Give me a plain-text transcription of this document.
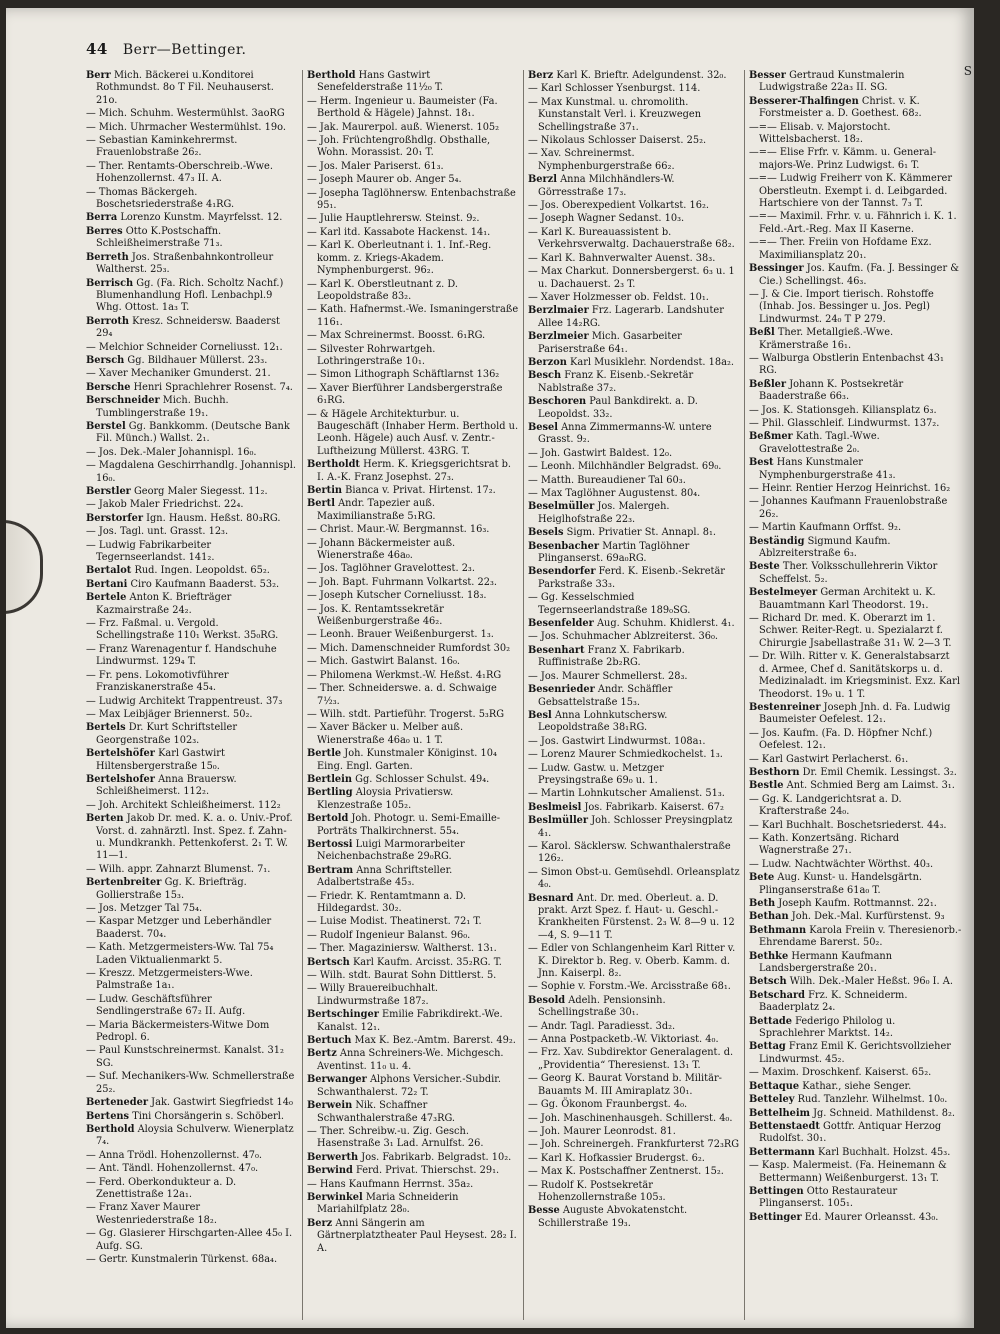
S
44 Berr—Bettinger.
Berr Mich. Bäckerei u.Konditorei Rothmundst. 8o T Fil. Neuhauserst. 21o.
— Mich. Schuhm. Westermühlst. 3aoRG
— Mich. Uhrmacher Westermühlst. 19o.
— Sebastian Kaminkehrermst. Frauenlobstraße 26₂.
— Ther. Rentamts-Oberschreib.-Wwe. Hohenzollernst. 47₃ II. A.
— Thomas Bäckergeh. Boschetsriederstraße 4₁RG.
Berra Lorenzo Kunstm. Mayrfelsst. 12.
Berres Otto K.Postschaffn. Schleißheimerstraße 71₃.
Berreth Jos. Straßenbahnkontrolleur Waltherst. 25₃.
Berrisch Gg. (Fa. Rich. Scholtz Nachf.) Blumenhandlung Hofl. Lenbachpl.9 Whg. Ottost. 1a₃ T.
Berroth Kresz. Schneidersw. Baaderst 29₄
— Melchior Schneider Corneliusst. 12₁.
Bersch Gg. Bildhauer Müllerst. 23₃.
— Xaver Mechaniker Gmunderst. 21.
Bersche Henri Sprachlehrer Rosenst. 7₄.
Berschneider Mich. Buchh. Tumblingerstraße 19₁.
Berstel Gg. Bankkomm. (Deutsche Bank Fil. Münch.) Wallst. 2₁.
— Jos. Dek.-Maler Johannispl. 16₀.
— Magdalena Geschirrhandlg. Johannispl. 16₀.
Berstler Georg Maler Siegesst. 11₂.
— Jakob Maler Friedrichst. 22₄.
Berstorfer Ign. Hausm. Heßst. 80₃RG.
— Jos. Tagl. unt. Grasst. 12₃.
— Ludwig Fabrikarbeiter Tegernseerlandst. 141₂.
Bertalot Rud. Ingen. Leopoldst. 65₂.
Bertani Ciro Kaufmann Baaderst. 53₂.
Bertele Anton K. Briefträger Kazmairstraße 24₂.
— Frz. Faßmal. u. Vergold. Schellingstraße 110₁ Werkst. 35₀RG.
— Franz Warenagentur f. Handschuhe Lindwurmst. 129₄ T.
— Fr. pens. Lokomotivführer Franziskanerstraße 45₄.
— Ludwig Architekt Trappentreust. 37₃
— Max Leibjäger Briennerst. 50₂.
Bertels Dr. Kurt Schriftsteller Georgenstraße 102₃.
Bertelshöfer Karl Gastwirt Hiltensbergerstraße 15₀.
Bertelshofer Anna Brauersw. Schleißheimerst. 112₂.
— Joh. Architekt Schleißheimerst. 112₂
Berten Jakob Dr. med. K. a. o. Univ.-Prof. Vorst. d. zahnärztl. Inst. Spez. f. Zahn- u. Mundkrankh. Pettenkoferst. 2₁ T. W. 11—1.
— Wilh. appr. Zahnarzt Blumenst. 7₁.
Bertenbreiter Gg. K. Briefträg. Gollierstraße 15₃.
— Jos. Metzger Tal 75₄.
— Kaspar Metzger und Leberhändler Baaderst. 70₄.
— Kath. Metzgermeisters-Ww. Tal 75₄ Laden Viktualienmarkt 5.
— Kreszz. Metzgermeisters-Wwe. Palmstraße 1a₁.
— Ludw. Geschäftsführer Sendlingerstraße 67₂ II. Aufg.
— Maria Bäckermeisters-Witwe Dom Pedropl. 6.
— Paul Kunstschreinermst. Kanalst. 31₂ SG.
— Suf. Mechanikers-Ww. Schmellerstraße 25₂.
Berteneder Jak. Gastwirt Siegfriedst 14₀
Bertens Tini Chorsängerin s. Schöberl.
Berthold Aloysia Schulverw. Wienerplatz 7₄.
— Anna Trödl. Hohenzollernst. 47₀.
— Ant. Tändl. Hohenzollernst. 47₀.
— Ferd. Oberkondukteur a. D. Zenettistraße 12a₁.
— Franz Xaver Maurer Westenriederstraße 18₂.
— Gg. Glasierer Hirschgarten-Allee 45₀ I. Aufg. SG.
— Gertr. Kunstmalerin Türkenst. 68a₄.
Berthold Hans Gastwirt Senefelderstraße 11½₀ T.
— Herm. Ingenieur u. Baumeister (Fa. Berthold & Hägele) Jahnst. 18₁.
— Jak. Maurerpol. auß. Wienerst. 105₂
— Joh. Früchtengroßhdlg. Obsthalle, Wohn. Morassist. 20₁ T.
— Jos. Maler Pariserst. 61₃.
— Joseph Maurer ob. Anger 5₄.
— Josepha Taglöhnersw. Entenbachstraße 95₁.
— Julie Hauptlehrersw. Steinst. 9₂.
— Karl itd. Kassabote Hackenst. 14₁.
— Karl K. Oberleutnant i. 1. Inf.-Reg. komm. z. Kriegs-Akadem. Nymphenburgerst. 96₂.
— Karl K. Oberstleutnant z. D. Leopoldstraße 83₂.
— Kath. Hafnermst.-We. Ismaningerstraße 116₁.
— Max Schreinermst. Boosst. 6₁RG.
— Silvester Rohrwartgeh. Lothringerstraße 10₁.
— Simon Lithograph Schäftlarnst 136₂
— Xaver Bierführer Landsbergerstraße 6₁RG.
— & Hägele Architekturbur. u. Baugeschäft (Inhaber Herm. Berthold u. Leonh. Hägele) auch Ausf. v. Zentr.-Luftheizung Müllerst. 43RG. T.
Bertholdt Herm. K. Kriegsgerichtsrat b. I. A.-K. Franz Josephst. 27₃.
Bertin Bianca v. Privat. Hirtenst. 17₂.
Bertl Andr. Tapezier auß. Maximilianstraße 5₁RG.
— Christ. Maur.-W. Bergmannst. 16₃.
— Johann Bäckermeister auß. Wienerstraße 46a₀.
— Jos. Taglöhner Gravelottest. 2₃.
— Joh. Bapt. Fuhrmann Volkartst. 22₃.
— Joseph Kutscher Corneliusst. 18₃.
— Jos. K. Rentamtssekretär Weißenburgerstraße 46₂.
— Leonh. Brauer Weißenburgerst. 1₃.
— Mich. Damenschneider Rumfordst 30₂
— Mich. Gastwirt Balanst. 16₀.
— Philomena Werkmst.-W. Heßst. 4₁RG
— Ther. Schneiderswe. a. d. Schwaige 7½₃.
— Wilh. stdt. Partieführ. Trogerst. 5₃RG
— Xaver Bäcker u. Melber auß. Wienerstraße 46a₀ u. 1 T.
Bertle Joh. Kunstmaler Königinst. 10₄ Eing. Engl. Garten.
Bertlein Gg. Schlosser Schulst. 49₄.
Bertling Aloysia Privatiersw. Klenzestraße 105₂.
Bertold Joh. Photogr. u. Semi-Emaille-Porträts Thalkirchnerst. 55₄.
Bertossi Luigi Marmorarbeiter Neichenbachstraße 29₀RG.
Bertram Anna Schriftsteller. Adalbertstraße 45₃.
— Friedr. K. Rentamtmann a. D. Hildegardst. 30₂.
— Luise Modist. Theatinerst. 72₁ T.
— Rudolf Ingenieur Balanst. 96₀.
— Ther. Magaziniersw. Waltherst. 13₁.
Bertsch Karl Kaufm. Arcisst. 35₂RG. T.
— Wilh. stdt. Baurat Sohn Dittlerst. 5.
— Willy Brauereibuchhalt. Lindwurmstraße 187₂.
Bertschinger Emilie Fabrikdirekt.-We. Kanalst. 12₁.
Bertuch Max K. Bez.-Amtm. Barerst. 49₂.
Bertz Anna Schreiners-We. Michgesch. Aventinst. 11₀ u. 4.
Berwanger Alphons Versicher.-Subdir. Schwanthalerst. 72₂ T.
Berwein Nik. Schaffner Schwanthalerstraße 47₃RG.
— Ther. Schreibw.-u. Zig. Gesch. Hasenstraße 3₁ Lad. Arnulfst. 26.
Berwerth Jos. Fabrikarb. Belgradst. 10₂.
Berwind Ferd. Privat. Thierschst. 29₁.
— Hans Kaufmann Herrnst. 35a₂.
Berwinkel Maria Schneiderin Mariahilfplatz 28₀.
Berz Anni Sängerin am Gärtnerplatztheater Paul Heysest. 28₂ I. A.
Berz Karl K. Brieftr. Adelgundenst. 32₀.
— Karl Schlosser Ysenburgst. 114.
— Max Kunstmal. u. chromolith. Kunstanstalt Verl. i. Kreuzwegen Schellingstraße 37₁.
— Nikolaus Schlosser Daiserst. 25₂.
— Xav. Schreinermst. Nymphenburgerstraße 66₂.
Berzl Anna Milchhändlers-W. Görresstraße 17₃.
— Jos. Oberexpedient Volkartst. 16₂.
— Joseph Wagner Sedanst. 10₃.
— Karl K. Bureauassistent b. Verkehrsverwaltg. Dachauerstraße 68₂.
— Karl K. Bahnverwalter Auenst. 38₃.
— Max Charkut. Donnersbergerst. 6₃ u. 1 u. Dachauerst. 2₃ T.
— Xaver Holzmesser ob. Feldst. 10₁.
Berzlmaier Frz. Lagerarb. Landshuter Allee 14₂RG.
Berzlmeier Mich. Gasarbeiter Pariserstraße 64₁.
Berzon Karl Musiklehr. Nordendst. 18a₂.
Besch Franz K. Eisenb.-Sekretär Nablstraße 37₂.
Beschoren Paul Bankdirekt. a. D. Leopoldst. 33₂.
Besel Anna Zimmermanns-W. untere Grasst. 9₂.
— Joh. Gastwirt Baldest. 12₀.
— Leonh. Milchhändler Belgradst. 69₀.
— Matth. Bureaudiener Tal 60₃.
— Max Taglöhner Augustenst. 80₄.
Beselmüller Jos. Malergeh. Heiglhofstraße 22₃.
Besels Sigm. Privatier St. Annapl. 8₁.
Besenbacher Martin Taglöhner Plinganserst. 69a₀RG.
Besendorfer Ferd. K. Eisenb.-Sekretär Parkstraße 33₃.
— Gg. Kesselschmied Tegernseerlandstraße 189₀SG.
Besenfelder Aug. Schuhm. Khidlerst. 4₁.
— Jos. Schuhmacher Ablzreiterst. 36₀.
Besenhart Franz X. Fabrikarb. Ruffinistraße 2b₂RG.
— Jos. Maurer Schmellerst. 28₃.
Besenrieder Andr. Schäffler Gebsattelstraße 15₃.
Besl Anna Lohnkutschersw. Leopoldstraße 38₁RG.
— Jos. Gastwirt Lindwurmst. 108a₁.
— Lorenz Maurer Schmiedkochelst. 1₃.
— Ludw. Gastw. u. Metzger Preysingstraße 69₀ u. 1.
— Martin Lohnkutscher Amalienst. 51₃.
Beslmeisl Jos. Fabrikarb. Kaiserst. 67₂
Beslmüller Joh. Schlosser Preysingplatz 4₁.
— Karol. Säcklersw. Schwanthalerstraße 126₂.
— Simon Obst-u. Gemüsehdl. Orleansplatz 4₀.
Besnard Ant. Dr. med. Oberleut. a. D. prakt. Arzt Spez. f. Haut- u. Geschl.-Krankheiten Fürstenst. 2₃ W. 8—9 u. 12—4, S. 9—11 T.
— Edler von Schlangenheim Karl Ritter v. K. Direktor b. Reg. v. Oberb. Kamm. d. Jnn. Kaiserpl. 8₂.
— Sophie v. Forstm.-We. Arcisstraße 68₁.
Besold Adelh. Pensionsinh. Schellingstraße 30₁.
— Andr. Tagl. Paradiesst. 3d₂.
— Anna Postpacketb.-W. Viktoriast. 4₀.
— Frz. Xav. Subdirektor Generalagent. d. „Providentia“ Theresienst. 13₁ T.
— Georg K. Baurat Vorstand b. Militär-Bauamts M. III Amiraplatz 30₁.
— Gg. Ökonom Fraunbergst. 4₀.
— Joh. Maschinenhausgeh. Schillerst. 4₀.
— Joh. Maurer Leonrodst. 81.
— Joh. Schreinergeh. Frankfurterst 72₃RG
— Karl K. Hofkassier Brudergst. 6₂.
— Max K. Postschaffner Zentnerst. 15₂.
— Rudolf K. Postsekretär Hohenzollernstraße 105₃.
Besse Auguste Abvokatenstcht. Schillerstraße 19₃.
Besser Gertraud Kunstmalerin Ludwigstraße 22a₃ II. SG.
Besserer-Thalfingen Christ. v. K. Forstmeister a. D. Goethest. 68₂.
—=— Elisab. v. Majorstocht. Wittelsbacherst. 18₂.
—=— Elise Frfr. v. Kämm. u. General-majors-We. Prinz Ludwigst. 6₁ T.
—=— Ludwig Freiherr von K. Kämmerer Oberstleutn. Exempt i. d. Leibgarded. Hartschiere von der Tannst. 7₃ T.
—=— Maximil. Frhr. v. u. Fähnrich i. K. 1. Feld.-Art.-Reg. Max II Kaserne.
—=— Ther. Freiin von Hofdame Exz. Maximiliansplatz 20₁.
Bessinger Jos. Kaufm. (Fa. J. Bessinger & Cie.) Schellingst. 46₃.
— J. & Cie. Import tierisch. Rohstoffe (Inhab. Jos. Bessinger u. Jos. Pegl) Lindwurmst. 24₀ T P 279.
Beßl Ther. Metallgieß.-Wwe. Krämerstraße 16₁.
— Walburga Obstlerin Entenbachst 43₁ RG.
Beßler Johann K. Postsekretär Baaderstraße 66₃.
— Jos. K. Stationsgeh. Kiliansplatz 6₃.
— Phil. Glasschleif. Lindwurmst. 137₂.
Beßmer Kath. Tagl.-Wwe. Gravelottestraße 2₀.
Best Hans Kunstmaler Nymphenburgerstraße 41₃.
— Heinr. Rentier Herzog Heinrichst. 16₂
— Johannes Kaufmann Frauenlobstraße 26₂.
— Martin Kaufmann Orffst. 9₂.
Beständig Sigmund Kaufm. Ablzreiterstraße 6₃.
Beste Ther. Volksschullehrerin Viktor Scheffelst. 5₂.
Bestelmeyer German Architekt u. K. Bauamtmann Karl Theodorst. 19₁.
— Richard Dr. med. K. Oberarzt im 1. Schwer. Reiter-Regt. u. Spezialarzt f. Chirurgie Jsabellastraße 31₁ W. 2—3 T.
— Dr. Wilh. Ritter v. K. Generalstabsarzt d. Armee, Chef d. Sanitätskorps u. d. Medizinaladt. im Kriegsminist. Exz. Karl Theodorst. 19₀ u. 1 T.
Bestenreiner Joseph Jnh. d. Fa. Ludwig Baumeister Oefelest. 12₁.
— Jos. Kaufm. (Fa. D. Höpfner Nchf.) Oefelest. 12₁.
— Karl Gastwirt Perlacherst. 6₁.
Besthorn Dr. Emil Chemik. Lessingst. 3₂.
Bestle Ant. Schmied Berg am Laimst. 3₁.
— Gg. K. Landgerichtsrat a. D. Krafterstraße 24₀.
— Karl Buchhalt. Boschetsriederst. 44₃.
— Kath. Konzertsäng. Richard Wagnerstraße 27₁.
— Ludw. Nachtwächter Wörthst. 40₃.
Bete Aug. Kunst- u. Handelsgärtn. Plinganserstraße 61a₀ T.
Beth Joseph Kaufm. Rottmannst. 22₁.
Bethan Joh. Dek.-Mal. Kurfürstenst. 9₃
Bethmann Karola Freiin v. Theresienorb.-Ehrendame Barerst. 50₂.
Bethke Hermann Kaufmann Landsbergerstraße 20₁.
Betsch Wilh. Dek.-Maler Heßst. 96₀ I. A.
Betschard Frz. K. Schneiderm. Baaderplatz 2₄.
Bettade Federigo Philolog u. Sprachlehrer Marktst. 14₂.
Bettag Franz Emil K. Gerichtsvollzieher Lindwurmst. 45₂.
— Maxim. Droschkenf. Kaiserst. 65₂.
Bettaque Kathar., siehe Senger.
Betteley Rud. Tanzlehr. Wilhelmst. 10₀.
Bettelheim Jg. Schneid. Mathildenst. 8₂.
Bettenstaedt Gottfr. Antiquar Herzog Rudolfst. 30₁.
Bettermann Karl Buchhalt. Holzst. 45₃.
— Kasp. Malermeist. (Fa. Heinemann & Bettermann) Weißenburgerst. 13₁ T.
Bettingen Otto Restaurateur Plinganserst. 105₁.
Bettinger Ed. Maurer Orleansst. 43₀.
